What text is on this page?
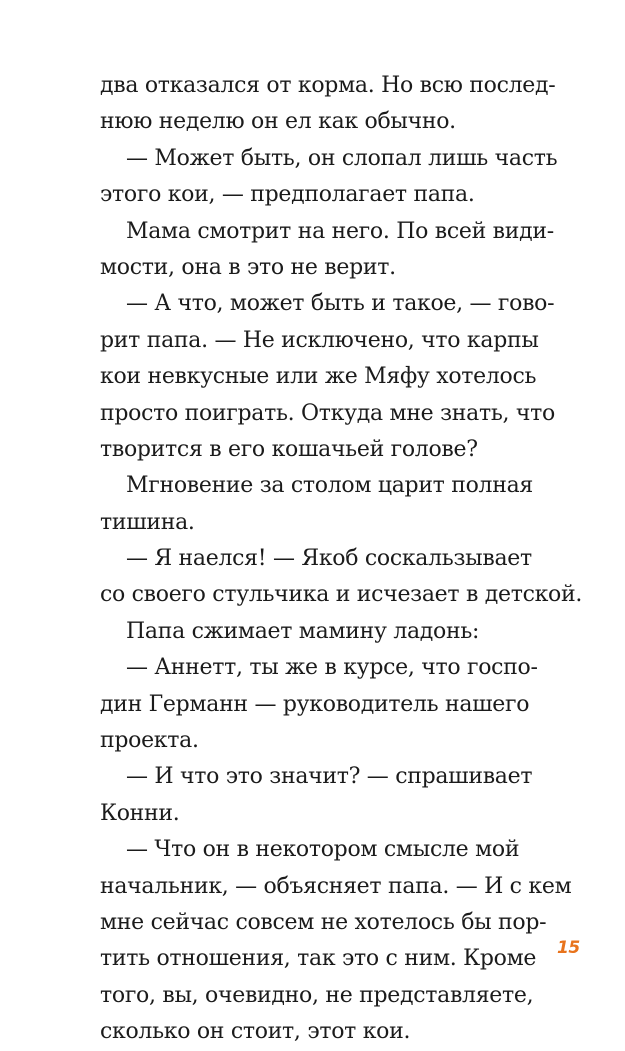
два отказался от корма. Но всю послед-
нюю неделю он ел как обычно.
— Может быть, он слопал лишь часть
этого кои, — предполагает папа.
Мама смотрит на него. По всей види-
мости, она в это не верит.
— А что, может быть и такое, — гово-
рит папа. — Не исключено, что карпы
кои невкусные или же Мяфу хотелось
просто поиграть. Откуда мне знать, что
творится в его кошачьей голове?
Мгновение за столом царит полная
тишина.
— Я наелся! — Якоб соскальзывает
со своего стульчика и исчезает в детской.
Папа сжимает мамину ладонь:
— Аннетт, ты же в курсе, что госпо-
дин Германн — руководитель нашего
проекта.
— И что это значит? — спрашивает
Конни.
— Что он в некотором смысле мой
начальник, — объясняет папа. — И с кем
мне сейчас совсем не хотелось бы пор-
тить отношения, так это с ним. Кроме
того, вы, очевидно, не представляете,
сколько он стоит, этот кои.
15
